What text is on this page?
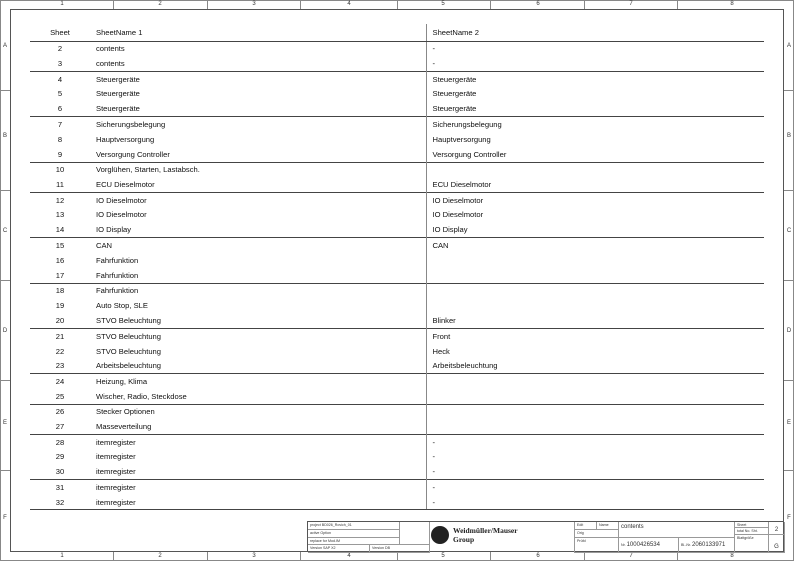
1	2	3	4	5	6	7	8
1	2	3	4	5	6	7	8
A
B
C
D
E
F
A
B
C
D
E
F
Sheet	SheetName 1	SheetName 2
2	contents	-
3	contents	-
4	Steuergeräte	Steuergeräte
5	Steuergeräte	Steuergeräte
6	Steuergeräte	Steuergeräte
7	Sicherungsbelegung	Sicherungsbelegung
8	Hauptversorgung	Hauptversorgung
9	Versorgung Controller	Versorgung Controller
10	Vorglühen, Starten, Lastabsch.	
11	ECU Dieselmotor	ECU Dieselmotor
12	IO Dieselmotor	IO Dieselmotor
13	IO Dieselmotor	IO Dieselmotor
14	IO Display	IO Display
15	CAN	CAN
16	Fahrfunktion	
17	Fahrfunktion	
18	Fahrfunktion	
19	Auto Stop, SLE	
20	STVO Beleuchtung	Blinker
21	STVO Beleuchtung	Front
22	STVO Beleuchtung	Heck
23	Arbeitsbeleuchtung	Arbeitsbeleuchtung
24	Heizung, Klima	
25	Wischer, Radio, Steckdose	
26	Stecker Optionen	
27	Masseverteilung	
28	itemregister	-
29	itemregister	-
30	itemregister	-
31	itemregister	-
32	itemregister	-
project BD026_Rovich_01
active Option
replace for Mod.IM
Version SAP X2	Version DB
Weidmüller/Mauser
Group
Edit	Name
Orig
Prüfd
contents
Nr. 1000426534	Bl.-Nr. 2060133971
Sheet
total No. Sht.
Blattgröße
2
G
